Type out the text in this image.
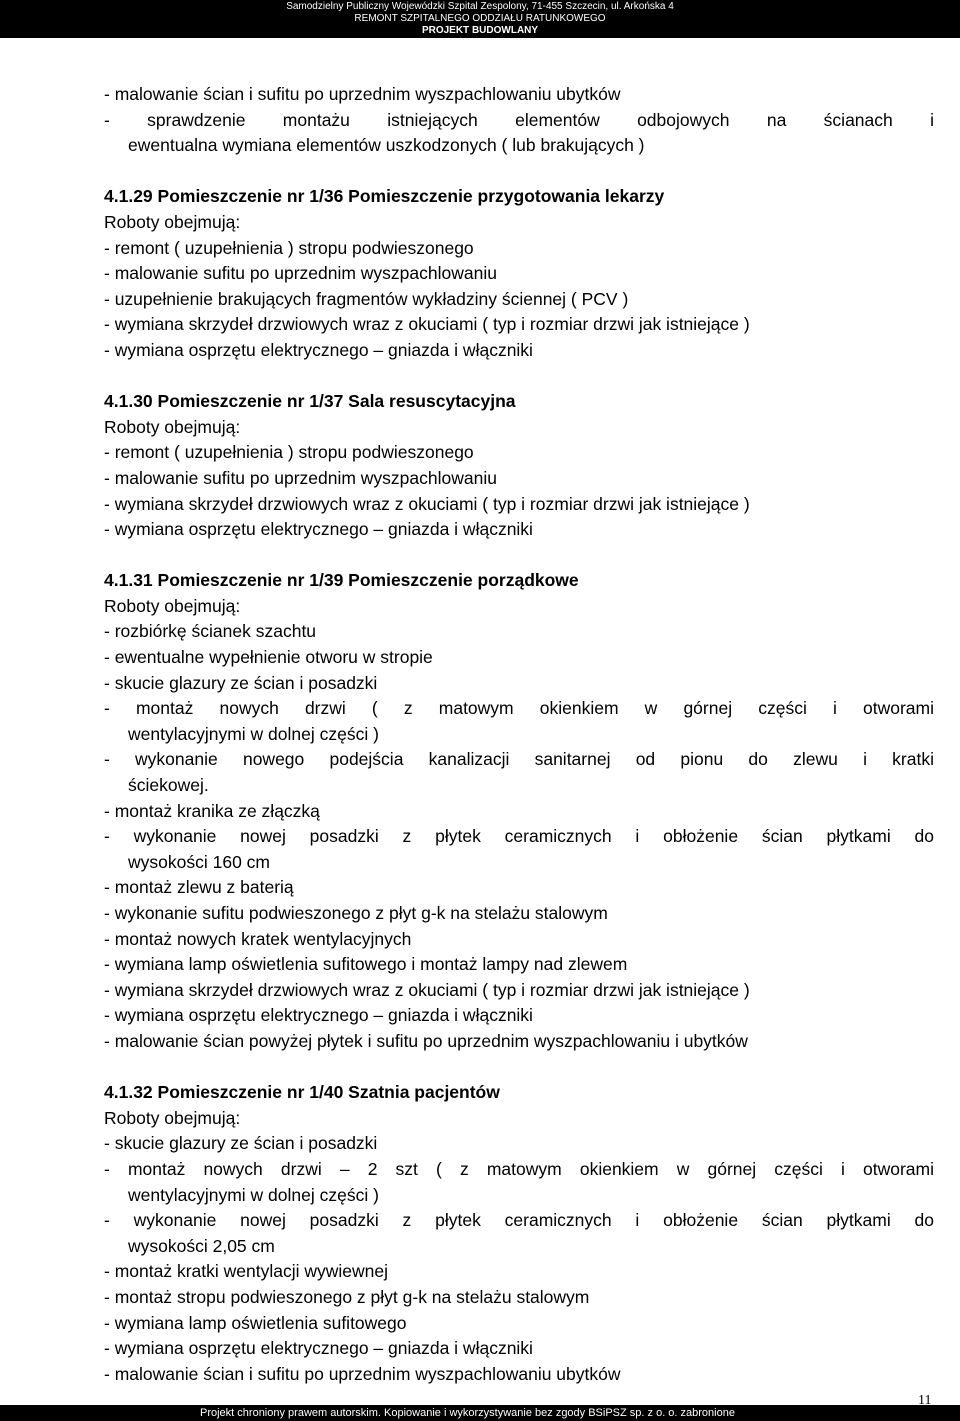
Samodzielny Publiczny Wojewódzki Szpital Zespolony, 71-455 Szczecin, ul. Arkońska 4
REMONT SZPITALNEGO ODDZIAŁU RATUNKOWEGO
PROJEKT BUDOWLANY
- malowanie ścian i sufitu po uprzednim wyszpachlowaniu ubytków
- sprawdzenie montażu istniejących elementów odbojowych na ścianach i
ewentualna wymiana elementów uszkodzonych ( lub brakujących )
4.1.29 Pomieszczenie nr 1/36 Pomieszczenie przygotowania lekarzy
Roboty obejmują:
- remont ( uzupełnienia ) stropu podwieszonego
- malowanie sufitu po uprzednim wyszpachlowaniu
- uzupełnienie brakujących fragmentów wykładziny ściennej ( PCV )
- wymiana skrzydeł drzwiowych wraz z okuciami ( typ i rozmiar drzwi jak istniejące )
- wymiana osprzętu elektrycznego – gniazda i włączniki
4.1.30 Pomieszczenie nr 1/37 Sala resuscytacyjna
Roboty obejmują:
- remont ( uzupełnienia ) stropu podwieszonego
- malowanie sufitu po uprzednim wyszpachlowaniu
- wymiana skrzydeł drzwiowych wraz z okuciami ( typ i rozmiar drzwi jak istniejące )
- wymiana osprzętu elektrycznego – gniazda i włączniki
4.1.31 Pomieszczenie nr 1/39 Pomieszczenie porządkowe
Roboty obejmują:
- rozbiórkę ścianek szachtu
- ewentualne wypełnienie otworu w stropie
- skucie glazury ze ścian i posadzki
- montaż nowych drzwi ( z matowym okienkiem w górnej części i otworami
wentylacyjnymi w dolnej części )
- wykonanie nowego podejścia kanalizacji sanitarnej od pionu do zlewu i kratki
ściekowej.
- montaż kranika ze złączką
- wykonanie nowej posadzki z płytek ceramicznych i obłożenie ścian płytkami do
wysokości 160 cm
- montaż zlewu z baterią
- wykonanie sufitu podwieszonego z płyt g-k na stelażu stalowym
- montaż nowych kratek wentylacyjnych
- wymiana lamp oświetlenia sufitowego i montaż lampy nad zlewem
- wymiana skrzydeł drzwiowych wraz z okuciami ( typ i rozmiar drzwi jak istniejące )
- wymiana osprzętu elektrycznego – gniazda i włączniki
- malowanie ścian powyżej płytek i sufitu po uprzednim wyszpachlowaniu i ubytków
4.1.32 Pomieszczenie nr 1/40 Szatnia pacjentów
Roboty obejmują:
- skucie glazury ze ścian i posadzki
- montaż nowych drzwi – 2 szt ( z matowym okienkiem w górnej części i otworami
wentylacyjnymi w dolnej części )
- wykonanie nowej posadzki z płytek ceramicznych i obłożenie ścian płytkami do
wysokości 2,05 cm
- montaż kratki wentylacji wywiewnej
- montaż stropu podwieszonego z płyt g-k na stelażu stalowym
- wymiana lamp oświetlenia sufitowego
- wymiana osprzętu elektrycznego – gniazda i włączniki
- malowanie ścian i sufitu po uprzednim wyszpachlowaniu ubytków
Projekt chroniony prawem autorskim. Kopiowanie i wykorzystywanie bez zgody BSiPSZ sp. z o. o. zabronione
11
